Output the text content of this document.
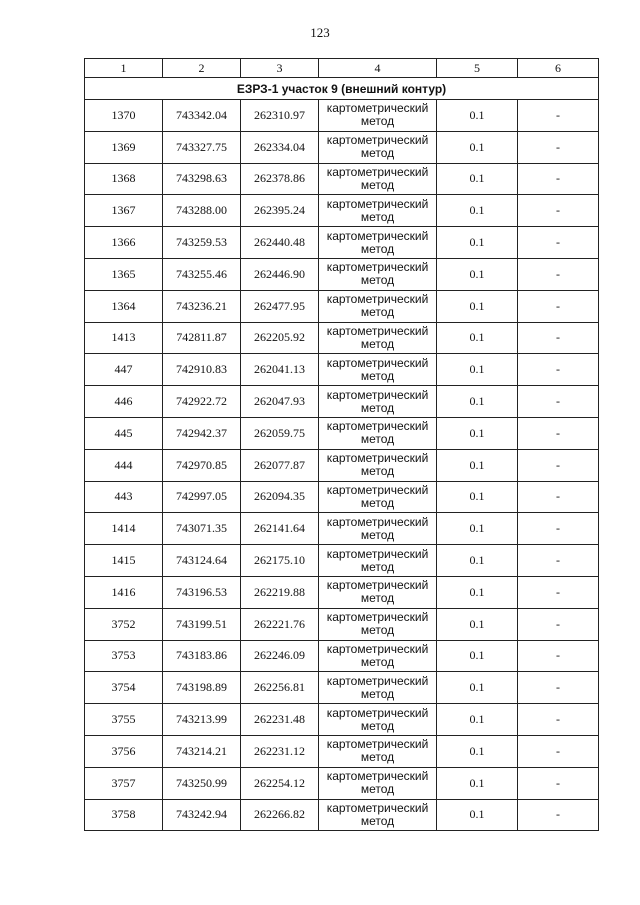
123
1	2	3	4	5	6
ЕЗРЗ-1 участок 9 (внешний контур)					
1370	743342.04	262310.97	картометрический метод	0.1	-
1369	743327.75	262334.04	картометрический метод	0.1	-
1368	743298.63	262378.86	картометрический метод	0.1	-
1367	743288.00	262395.24	картометрический метод	0.1	-
1366	743259.53	262440.48	картометрический метод	0.1	-
1365	743255.46	262446.90	картометрический метод	0.1	-
1364	743236.21	262477.95	картометрический метод	0.1	-
1413	742811.87	262205.92	картометрический метод	0.1	-
447	742910.83	262041.13	картометрический метод	0.1	-
446	742922.72	262047.93	картометрический метод	0.1	-
445	742942.37	262059.75	картометрический метод	0.1	-
444	742970.85	262077.87	картометрический метод	0.1	-
443	742997.05	262094.35	картометрический метод	0.1	-
1414	743071.35	262141.64	картометрический метод	0.1	-
1415	743124.64	262175.10	картометрический метод	0.1	-
1416	743196.53	262219.88	картометрический метод	0.1	-
3752	743199.51	262221.76	картометрический метод	0.1	-
3753	743183.86	262246.09	картометрический метод	0.1	-
3754	743198.89	262256.81	картометрический метод	0.1	-
3755	743213.99	262231.48	картометрический метод	0.1	-
3756	743214.21	262231.12	картометрический метод	0.1	-
3757	743250.99	262254.12	картометрический метод	0.1	-
3758	743242.94	262266.82	картометрический метод	0.1	-
